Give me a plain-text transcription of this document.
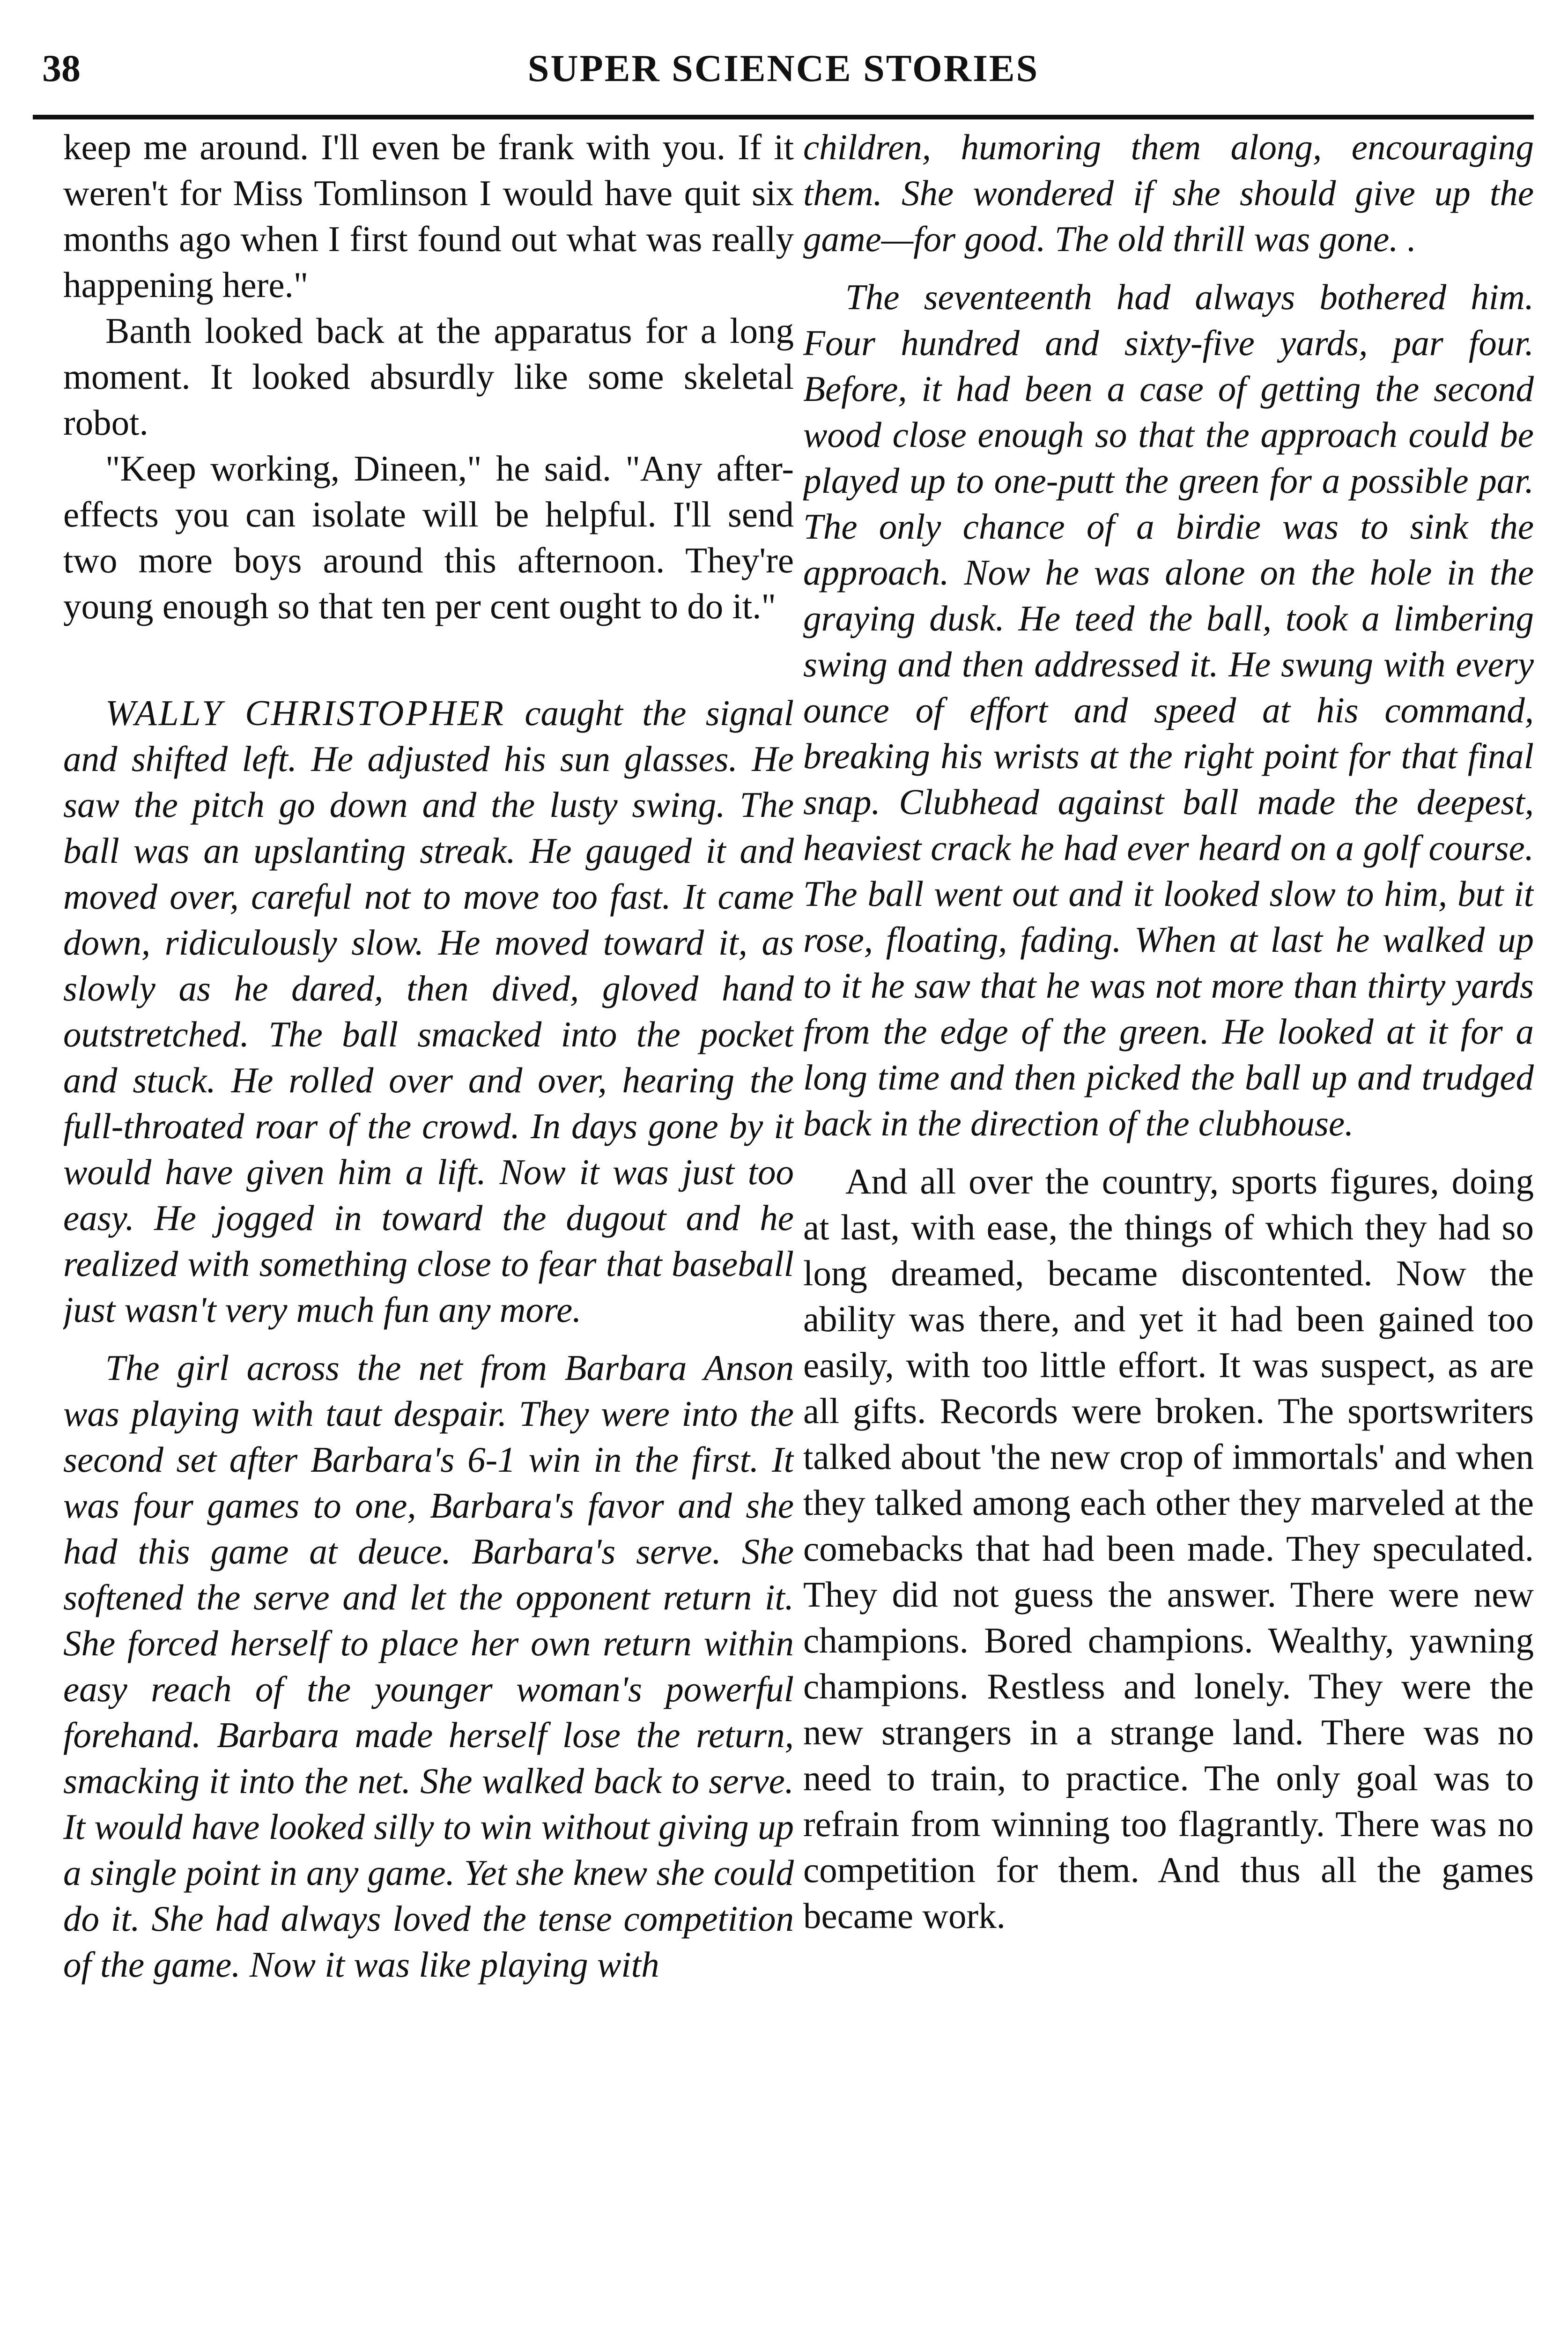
38	SUPER SCIENCE STORIES

keep me around. I'll even be frank with you. If it weren't for Miss Tomlinson I would have quit six months ago when I first found out what was really happening here."

Banth looked back at the apparatus for a long moment. It looked absurdly like some skeletal robot.

"Keep working, Dineen," he said. "Any after-effects you can isolate will be helpful. I'll send two more boys around this afternoon. They're young enough so that ten per cent ought to do it."

WALLY CHRISTOPHER caught the signal and shifted left. He adjusted his sun glasses. He saw the pitch go down and the lusty swing. The ball was an upslanting streak. He gauged it and moved over, careful not to move too fast. It came down, ridiculously slow. He moved toward it, as slowly as he dared, then dived, gloved hand outstretched. The ball smacked into the pocket and stuck. He rolled over and over, hearing the full-throated roar of the crowd. In days gone by it would have given him a lift. Now it was just too easy. He jogged in toward the dugout and he realized with something close to fear that baseball just wasn't very much fun any more.

The girl across the net from Barbara Anson was playing with taut despair. They were into the second set after Barbara's 6-1 win in the first. It was four games to one, Barbara's favor and she had this game at deuce. Barbara's serve. She softened the serve and let the opponent return it. She forced herself to place her own return within easy reach of the younger woman's powerful forehand. Barbara made herself lose the return, smacking it into the net. She walked back to serve. It would have looked silly to win without giving up a single point in any game. Yet she knew she could do it. She had always loved the tense competition of the game. Now it was like playing with

children, humoring them along, encouraging them. She wondered if she should give up the game—for good. The old thrill was gone. .

The seventeenth had always bothered him. Four hundred and sixty-five yards, par four. Before, it had been a case of getting the second wood close enough so that the approach could be played up to one-putt the green for a possible par. The only chance of a birdie was to sink the approach. Now he was alone on the hole in the graying dusk. He teed the ball, took a limbering swing and then addressed it. He swung with every ounce of effort and speed at his command, breaking his wrists at the right point for that final snap. Clubhead against ball made the deepest, heaviest crack he had ever heard on a golf course. The ball went out and it looked slow to him, but it rose, floating, fading. When at last he walked up to it he saw that he was not more than thirty yards from the edge of the green. He looked at it for a long time and then picked the ball up and trudged back in the direction of the clubhouse.

And all over the country, sports figures, doing at last, with ease, the things of which they had so long dreamed, became discontented. Now the ability was there, and yet it had been gained too easily, with too little effort. It was suspect, as are all gifts. Records were broken. The sportswriters talked about 'the new crop of immortals' and when they talked among each other they marveled at the comebacks that had been made. They speculated. They did not guess the answer. There were new champions. Bored champions. Wealthy, yawning champions. Restless and lonely. They were the new strangers in a strange land. There was no need to train, to practice. The only goal was to refrain from winning too flagrantly. There was no competition for them. And thus all the games became work.
